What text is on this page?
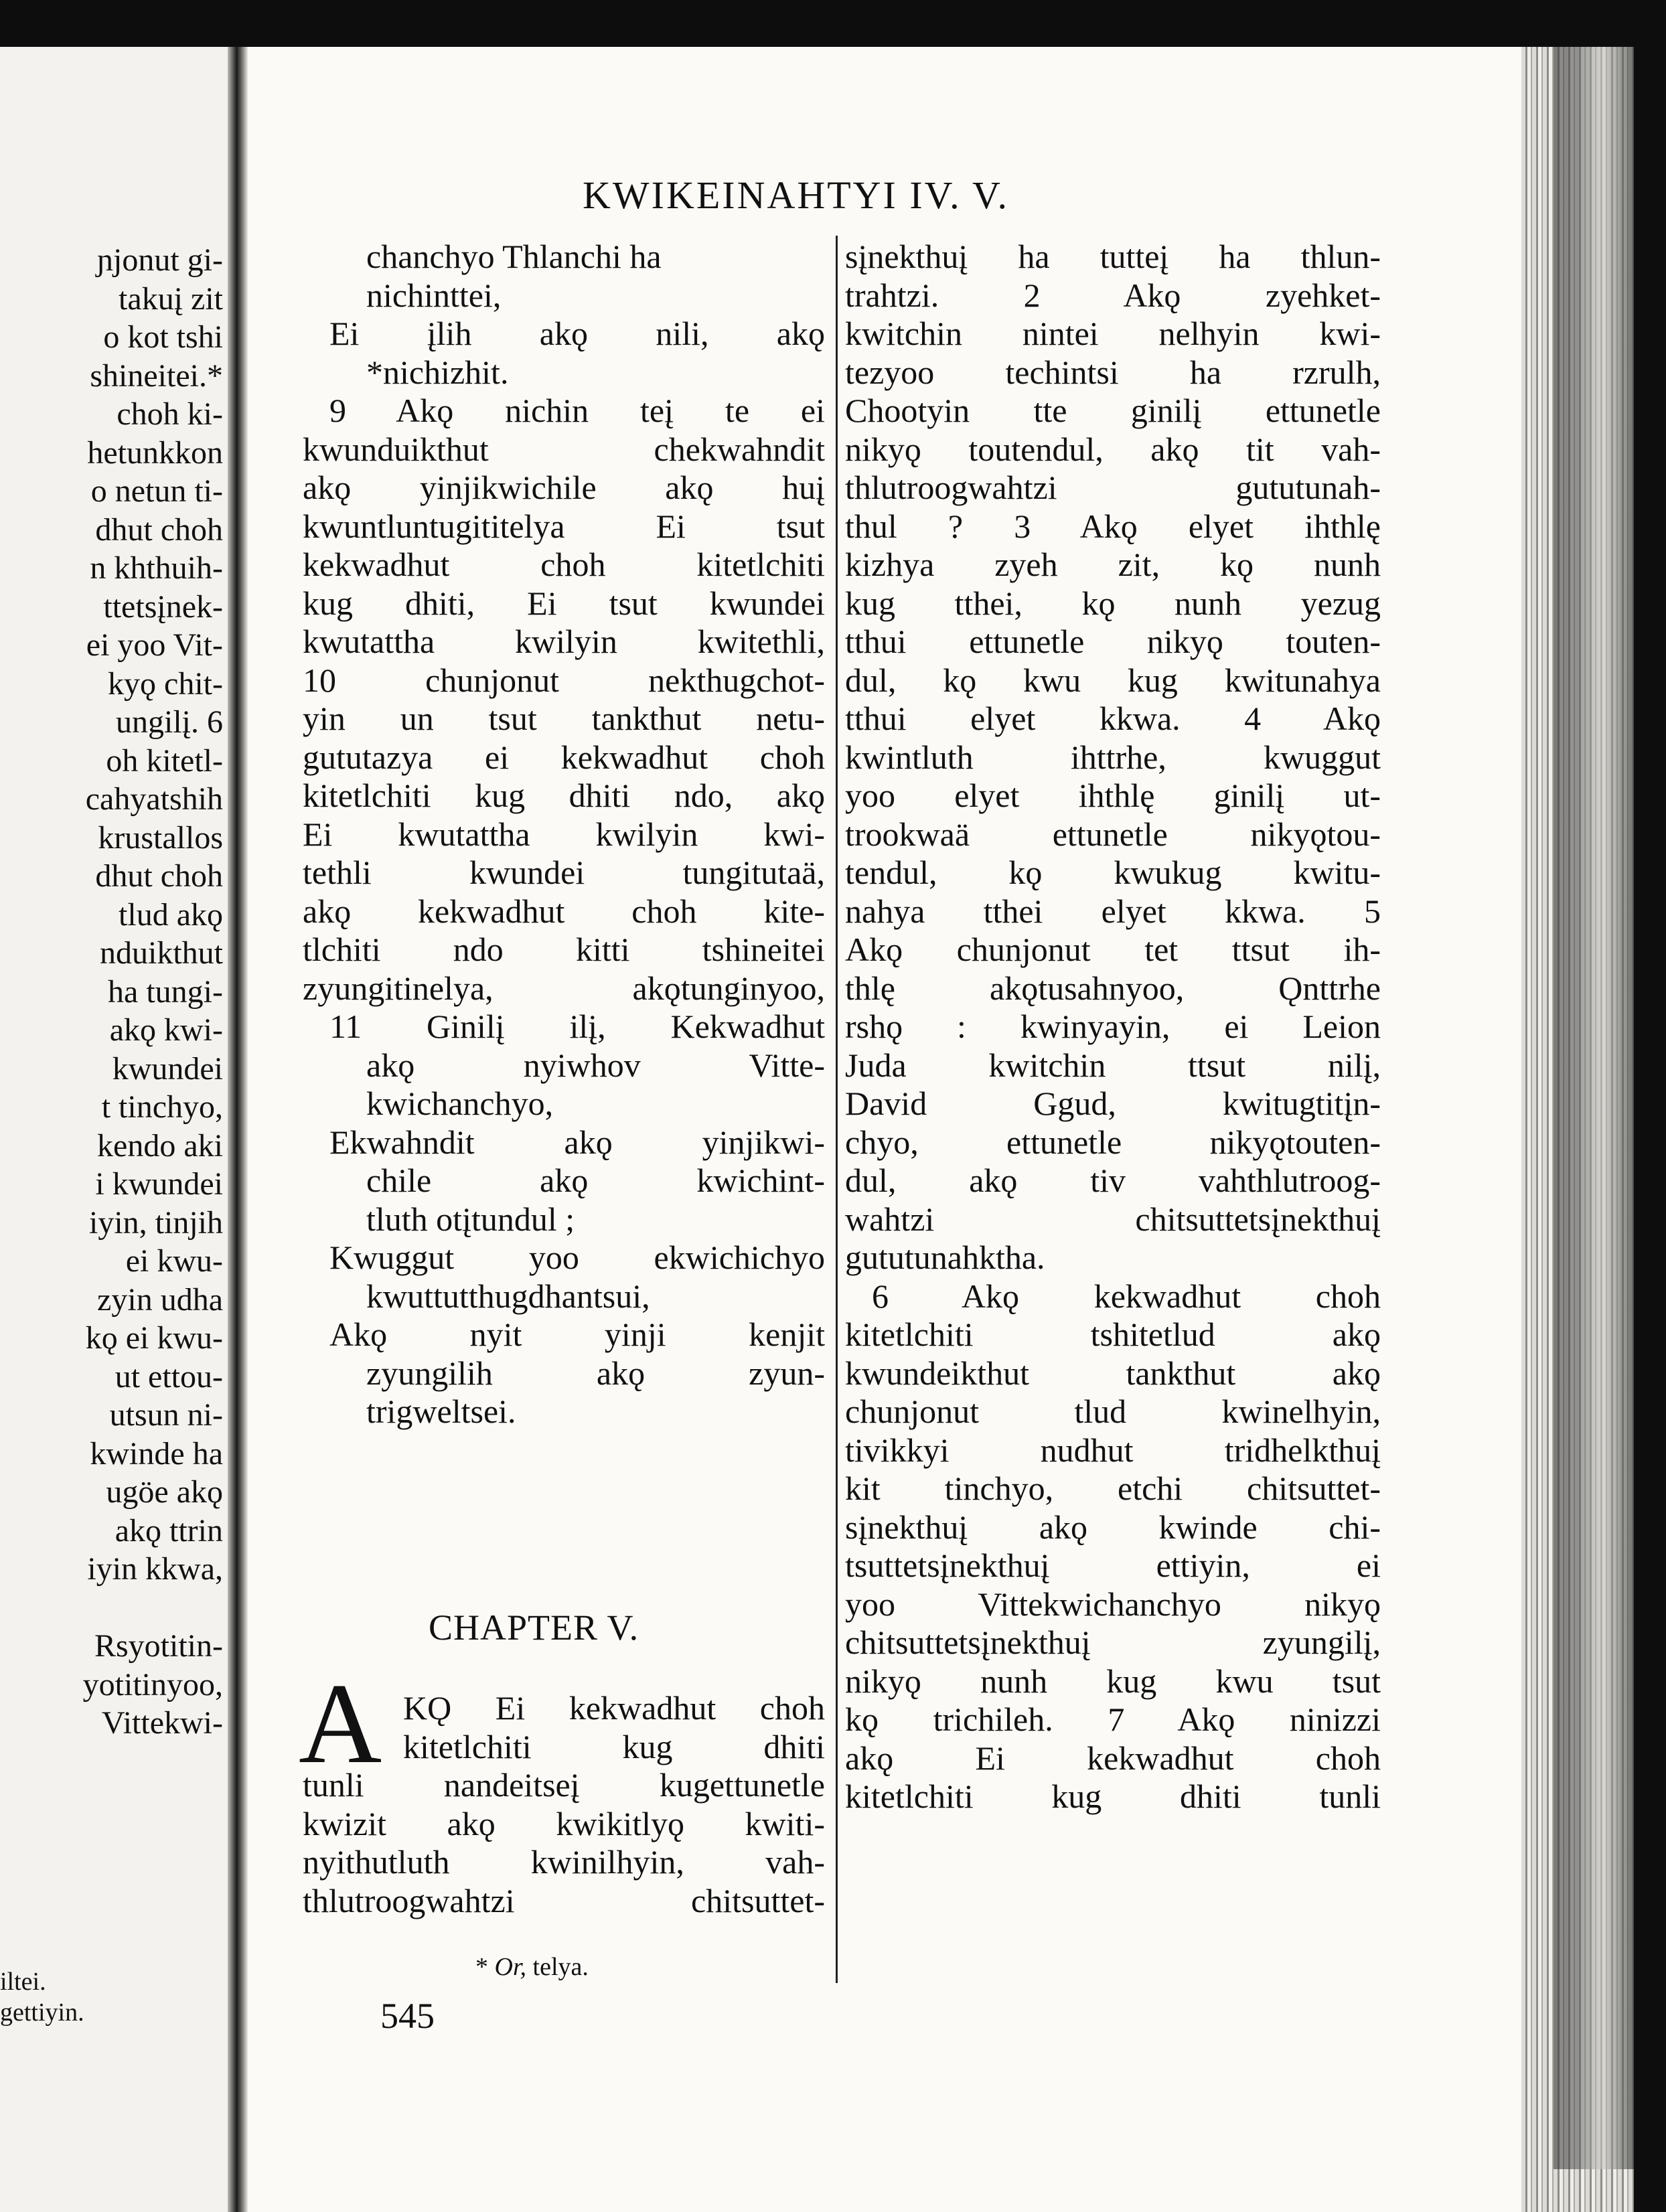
ɲjonut gi-
takuį zit
o kot tshi
shineitei.*
choh ki-
hetunkkon
o netun ti-
dhut choh
n khthuih-
ttetsįnek-
ei yoo Vit-
kyǫ chit-
ungilį. 6
oh kitetl-
cahyatshih
krustallos
dhut choh
tlud akǫ
nduikthut
ha tungi-
akǫ kwi-
kwundei
t tinchyo,
kendo aki
i kwundei
iyin, tinjih
ei kwu-
zyin udha
kǫ ei kwu-
ut ettou-
utsun ni-
kwinde ha
ugöe akǫ
akǫ ttrin
iyin kkwa,
Rsyotitin-
yotitinyoo,
Vittekwi-
iltei.
gettiyin.
KWIKEINAHTYI IV. V.
chanchyo Thlanchi ha
nichinttei,
Ei įlih akǫ nili, akǫ
*nichizhit.
9 Akǫ nichin teį te ei
kwunduikthut chekwahndit
akǫ yinjikwichile akǫ huį
kwuntluntugititelya Ei tsut
kekwadhut choh kitetlchiti
kug dhiti, Ei tsut kwundei
kwutattha kwilyin kwitethli,
10 chunjonut nekthugchot-
yin un tsut tankthut netu-
gututazya ei kekwadhut choh
kitetlchiti kug dhiti ndo, akǫ
Ei kwutattha kwilyin kwi-
tethli kwundei tungitutaä,
akǫ kekwadhut choh kite-
tlchiti ndo kitti tshineitei
zyungitinelya, akǫtunginyoo,
11 Ginilį ilį, Kekwadhut
akǫ nyiwhov Vitte-
kwichanchyo,
Ekwahndit akǫ yinjikwi-
chile akǫ kwichint-
tluth otįtundul ;
Kwuggut yoo ekwichichyo
kwuttutthugdhantsui,
Akǫ nyit yinji kenjit
zyungilih akǫ zyun-
trigweltsei.
CHAPTER V.
A KǪ Ei kekwadhut choh
kitetlchiti kug dhiti
tunli nandeitseį kugettunetle
kwizit akǫ kwikitlyǫ kwiti-
nyithutluth kwinilhyin, vah-
thlutroogwahtzi chitsuttet-
sįnekthuį ha tutteį ha thlun-
trahtzi. 2 Akǫ zyehket-
kwitchin nintei nelhyin kwi-
tezyoo techintsi ha rzrulh,
Chootyin tte ginilį ettunetle
nikyǫ toutendul, akǫ tit vah-
thlutroogwahtzi gututunah-
thul ? 3 Akǫ elyet ihthlę
kizhya zyeh zit, kǫ nunh
kug tthei, kǫ nunh yezug
tthui ettunetle nikyǫ touten-
dul, kǫ kwu kug kwitunahya
tthui elyet kkwa. 4 Akǫ
kwintluth ihttrhe, kwuggut
yoo elyet ihthlę ginilį ut-
trookwaä ettunetle nikyǫtou-
tendul, kǫ kwukug kwitu-
nahya tthei elyet kkwa. 5
Akǫ chunjonut tet ttsut ih-
thlę akǫtusahnyoo, Ǫnttrhe
rshǫ : kwinyayin, ei Leion
Juda kwitchin ttsut nilį,
David Ggud, kwitugtitįn-
chyo, ettunetle nikyǫtouten-
dul, akǫ tiv vahthlutroog-
wahtzi chitsuttetsįnekthuį
gututunahktha.
6 Akǫ kekwadhut choh
kitetlchiti tshitetlud akǫ
kwundeikthut tankthut akǫ
chunjonut tlud kwinelhyin,
tivikkyi nudhut tridhelkthuį
kit tinchyo, etchi chitsuttet-
sįnekthuį akǫ kwinde chi-
tsuttetsįnekthuį ettiyin, ei
yoo Vittekwichanchyo nikyǫ
chitsuttetsįnekthuį zyungilį,
nikyǫ nunh kug kwu tsut
kǫ trichileh. 7 Akǫ ninizzi
akǫ Ei kekwadhut choh
kitetlchiti kug dhiti tunli
* Or, telya.
545
